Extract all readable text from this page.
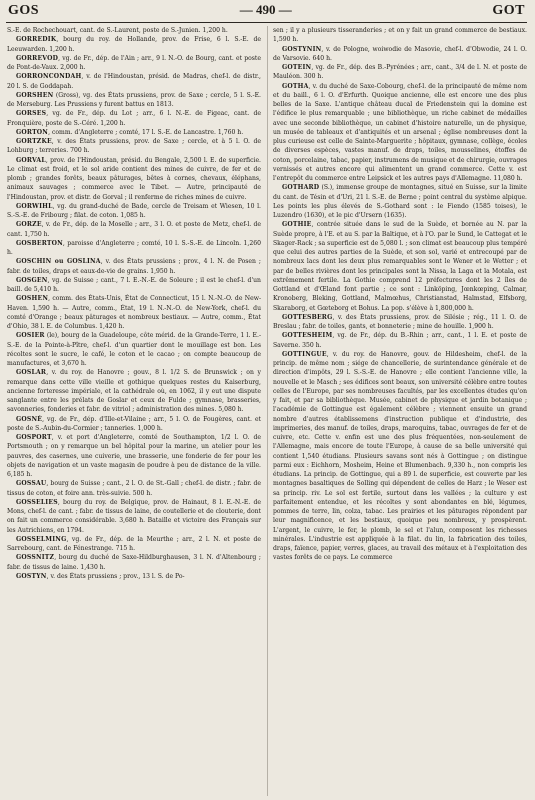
GOS	— 490 —	GOT

S.-E. de Rochechouart, cant. de S.-Laurent, poste de S.-Junien. 1,200 h.

GORREDIK, bourg du roy. de Hollande, prov. de Frise, 6 l. S.-E. de Leeuwarden. 1,200 h.

GORREVOD, vg. de Fr., dép. de l'Ain ; arr., 9 l. N.-O. de Bourg, cant. et poste de Pont-de-Vaux. 2,000 h.

GORRONCONDAH, v. de l'Hindoustan, présid. de Madras, chef-l. de distr., 20 l. S. de Goddapah.

GORSHEN (Gross), vg. des États prussiens, prov. de Saxe ; cercle, 5 l. S.-E. de Merseburg. Les Prussiens y furent battus en 1813.

GORSES, vg. de Fr., dép. du Lot ; arr., 6 l. N.-E. de Figeac, cant. de Fronquière, poste de S.-Céré. 1,200 h.

GORTON, comm. d'Angleterre ; comté, 17 l. S.-E. de Lancastre. 1,760 h.

GORTZKE, v. des États prussiens, prov. de Saxe ; cercle, et à 5 l. O. de Lohburg ; terreries. 700 h.

GORVAL, prov. de l'Hindoustan, présid. du Bengale, 2,500 l. E. de superficie. Le climat est froid, et le sol aride contient des mines de cuivre, de fer et de plomb ; grandes forêts, beaux pâturages, bêtes à cornes, chevaux, éléphans, animaux sauvages ; commerce avec le Tibet. — Autre, principauté de l'Hindoustan, prov. et distr. de Gorval ; il renferme de riches mines de cuivre.

GORWIHL, vg. du grand-duché de Bade, cercle de Treisam et Wiesen, 10 l. S.-S.-E. de Fribourg ; filat. de coton. 1,085 h.

GORZE, v. de Fr., dép. de la Moselle ; arr., 3 l. O. et poste de Metz, chef-l. de cant. 1,750 h.

GOSBERTON, paroisse d'Angleterre ; comté, 10 l. S.-S.-E. de Lincoln. 1,260 h.

GOSCHIN ou GOSLINA, v. des États prussiens ; prov., 4 l. N. de Posen ; fabr. de toiles, draps et eaux-de-vie de grains. 1,950 h.

GOSGEN, vg. de Suisse ; cant., 7 l. E.-N.-E. de Soleure ; il est le chef-l. d'un baill. de 5,410 h.

GOSHEN, comm. des États-Unis, État de Connecticut, 15 l. N.-N.-O. de New-Haven. 1,590 h. — Autre, comm., État, 19 l. N.-N.-O. de New-York, chef-l. du comté d'Orange ; beaux pâturages et nombreux bestiaux. — Autre, comm., État d'Ohio, 38 l. E. de Columbus. 1,420 h.

GOSIER (le), bourg de la Guadeloupe, côte mérid. de la Grande-Terre, 1 l. E.-S.-E. de la Pointe-à-Pître, chef-l. d'un quartier dont le mouillage est bon. Les récoltes sont le sucre, le café, le coton et le cacao ; on compte beaucoup de manufactures, et 3,670 h.

GOSLAR, v. du roy. de Hanovre ; gouv., 8 l. 1/2 S. de Brunswick ; on y remarque dans cette ville vieille et gothique quelques restes du Kaiserburg, ancienne forteresse impériale, et la cathédrale où, en 1062, il y eut une dispute sanglante entre les prélats de Goslar et ceux de Fulde ; gymnase, brasseries, savonneries, fonderies et fabr. de vitriol ; administration des mines. 5,080 h.

GOSNÉ, vg. de Fr., dép. d'Ille-et-Vilaine ; arr., 5 l. O. de Fougères, cant. et poste de S.-Aubin-du-Cormier ; tanneries. 1,000 h.

GOSPORT, v. et port d'Angleterre, comté de Southampton, 1/2 l. O. de Portsmouth ; on y remarque un bel hôpital pour la marine, un atelier pour les pauvres, des casernes, une cuiverie, une brasserie, une fonderie de fer pour les objets de navigation et un vaste magasin de poudre à peu de distance de la ville. 6,185 h.

GOSSAU, bourg de Suisse ; cant., 2 l. O. de St.-Gall ; chef-l. de distr. ; fabr. de tissus de coton, et foire ann. très-suivie. 500 h.

GOSSELIES, bourg du roy. de Belgique, prov. de Hainaut, 8 l. E.-N.-E. de Mons, chef-l. de cant. ; fabr. de tissus de laine, de coutellerie et de clouterie, dont on fait un commerce considérable. 3,680 h. Bataille et victoire des Français sur les Autrichiens, en 1794.

GOSSELMING, vg. de Fr., dép. de la Meurthe ; arr., 2 l. N. et poste de Sarrebourg, cant. de Fénestrange. 715 h.

GOSSNITZ, bourg du duché de Saxe-Hildburghausen, 3 l. N. d'Altenbourg ; fabr. de tissus de laine. 1,430 h.

GOSTYN, v. des États prussiens ; prov., 13 l. S. de Po-

sen ; il y a plusieurs tisseranderies ; et on y fait un grand commerce de bestiaux. 1,590 h.

GOSTYNIN, v. de Pologne, woiwodie de Masovie, chef-l. d'Obwodie, 24 l. O. de Varsovie. 640 h.

GOTEIN, vg. de Fr., dép. des B.-Pyrénées ; arr., cant., 3/4 de l. N. et poste de Mauléon. 300 h.

GOTHA, v. du duché de Saxe-Cobourg, chef-l. de la principauté de même nom et du baill., 6 l. O. d'Erfurth. Quoique ancienne, elle est encore une des plus belles de la Saxe. L'antique château ducal de Friedenstein qui la domine est l'édifice le plus remarquable ; une bibliothèque, un riche cabinet de médailles avec une seconde bibliothèque, un cabinet d'histoire naturelle, un de physique, un musée de tableaux et d'antiquités et un arsenal ; église nombreuses dont la plus curieuse est celle de Sainte-Marguerite ; hôpitaux, gymnase, collège, écoles de diverses espèces, vastes manuf. de draps, toiles, mousselines, étoffes de coton, porcelaine, tabac, papier, instrumens de musique et de chirurgie, ouvrages vernissés et autres encore qui alimentent un grand commerce. Cette v. est l'entrepôt du commerce entre Leipsick et les autres pays d'Allemagne. 11,080 h.

GOTHARD (S.), immense groupe de montagnes, situé en Suisse, sur la limite du cant. de Tésin et d'Uri, 21 l. S.-E. de Berne ; point central du système alpique. Les points les plus élevés de S.-Gothard sont : le Fiendo (1585 toises), le Luzendro (1630), et le pic d'Ursern (1635).

GOTHIE, contrée située dans le sud de la Suède, et bornée au N. par la Suède propre, à l'E. et au S. par la Baltique, et à l'O. par le Sund, le Cattegat et le Skager-Rack ; sa superficie est de 5,080 l. ; son climat est beaucoup plus tempéré que celui des autres parties de la Suède, et son sol, varié et entrecoupé par de nombreux lacs dont les deux plus remarquables sont le Wener et le Wetter ; et par de belles rivières dont les principales sont la Nissa, la Laga et la Motala, est extrêmement fertile. La Gothie comprend 12 préfectures dont les 2 îles de Gottland et d'Œland font partie ; ce sont : Linköping, Jœnkœping, Calmar, Kronoberg, Bleking, Gottland, Malmœhus, Christianstad, Halmstad, Elfsborg, Skaraborg, et Gœteborg et Bohus. La pop. s'élève à 1,800,000 h.

GOTTESBERG, v. des États prussiens, prov. de Silésie ; rég., 11 l. O. de Breslau ; fabr. de toiles, gants, et bonneterie ; mine de houille. 1,900 h.

GOTTESHEIM, vg. de Fr., dép. du B.-Rhin ; arr., cant., 1 l. E. et poste de Saverne. 350 h.

GOTTINGUE, v. du roy. de Hanovre, gouv. de Hildesheim, chef-l. de la princip. de même nom ; siége de chancellerie, de surintendance générale et de direction d'impôts, 29 l. S.-S.-E. de Hanovre ; elle contient l'ancienne ville, la nouvelle et le Masch ; ses édifices sont beaux, son université célèbre entre toutes celles de l'Europe, par ses nombreuses facultés, par les excellentes études qu'on y fait, et par sa bibliothèque. Musée, cabinet de physique et jardin botanique ; l'académie de Gottingue est également célèbre ; viennent ensuite un grand nombre d'autres établissemens d'instruction publique et d'industrie, des imprimeries, des manuf. de toiles, draps, maroquins, tabac, ouvrages de fer et de cuivre, etc. Cette v. enfin est une des plus fréquentées, non-seulement de l'Allemagne, mais encore de toute l'Europe, à cause de sa belle université qui contient 1,540 étudians. Plusieurs savans sont nés à Gottingue ; on distingue parmi eux : Eichhorn, Mosheim, Heine et Blumenbach. 9,330 h., non compris les étudians. La princip. de Gottingue, qui a 89 l. de superficie, est couverte par les montagnes basaltiques de Solling qui dépendent de celles de Harz ; le Weser est sa princip. riv. Le sol est fertile, surtout dans les vallées ; la culture y est parfaitement entendue, et les récoltes y sont abondantes en blé, légumes, pommes de terre, lin, colza, tabac. Les prairies et les pâturages répondent par leur magnificence, et les bestiaux, quoique peu nombreux, y prospèrent. L'argent, le cuivre, le fer, le plomb, le sel et l'alun, composent les richesses minérales. L'industrie est appliquée à la filat. du lin, la fabrication des toiles, draps, faïence, papier, verres, glaces, au travail des métaux et à l'exploitation des vastes forêts de ce pays. Le commerce
